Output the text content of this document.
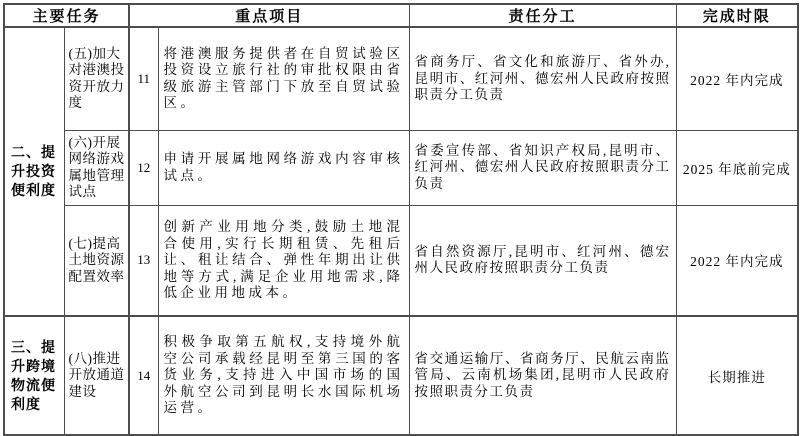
主要任务		重点项目		责任分工	完成时限
二、提升投资便利度	(五)加大对港澳投资开放力度	11	将港澳服务提供者在自贸试验区投资设立旅行社的审批权限由省级旅游主管部门下放至自贸试验区。	省商务厅、省文化和旅游厅、省外办,昆明市、红河州、德宏州人民政府按照职责分工负责	2022 年内完成
	(六)开展网络游戏属地管理试点	12	申请开展属地网络游戏内容审核试点。	省委宣传部、省知识产权局,昆明市、红河州、德宏州人民政府按照职责分工负责	2025 年底前完成
	(七)提高土地资源配置效率	13	创新产业用地分类,鼓励土地混合使用,实行长期租赁、先租后让、租让结合、弹性年期出让供地等方式,满足企业用地需求,降低企业用地成本。	省自然资源厅,昆明市、红河州、德宏州人民政府按照职责分工负责	2022 年内完成
三、提升跨境物流便利度	(八)推进开放通道建设	14	积极争取第五航权,支持境外航空公司承载经昆明至第三国的客货业务,支持进入中国市场的国外航空公司到昆明长水国际机场运营。	省交通运输厅、省商务厅、民航云南监管局、云南机场集团,昆明市人民政府按照职责分工负责	长期推进
